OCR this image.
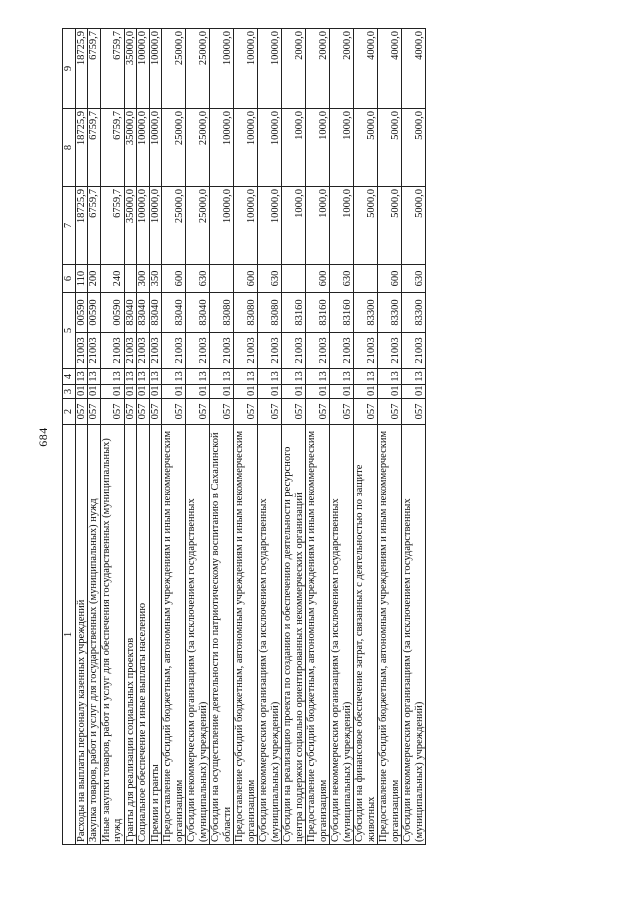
684
1	2	3	4	5		6	7	8	9
Расходы на выплаты персоналу казенных учреждений	057	01	13	21003	00590	110	18725,9	18725,9	18725,9
Закупка товаров, работ и услуг для государственных (муниципальных) нужд	057	01	13	21003	00590	200	6759,7	6759,7	6759,7
Иные закупки товаров, работ и услуг для обеспечения государственных (муниципальных) нужд	057	01	13	21003	00590	240	6759,7	6759,7	6759,7
Гранты для реализации социальных проектов	057	01	13	21003	83040		35000,0	35000,0	35000,0
Социальное обеспечение и иные выплаты населению	057	01	13	21003	83040	300	10000,0	10000,0	10000,0
Премии и гранты	057	01	13	21003	83040	350	10000,0	10000,0	10000,0
Предоставление субсидий бюджетным, автономным учреждениям и иным некоммерческим организациям	057	01	13	21003	83040	600	25000,0	25000,0	25000,0
Субсидии некоммерческим организациям (за исключением государственных (муниципальных) учреждений)	057	01	13	21003	83040	630	25000,0	25000,0	25000,0
Субсидии на осуществление деятельности по патриотическому воспитанию в Сахалинской области	057	01	13	21003	83080		10000,0	10000,0	10000,0
Предоставление субсидий бюджетным, автономным учреждениям и иным некоммерческим организациям	057	01	13	21003	83080	600	10000,0	10000,0	10000,0
Субсидии некоммерческим организациям (за исключением государственных (муниципальных) учреждений)	057	01	13	21003	83080	630	10000,0	10000,0	10000,0
Субсидии на реализацию проекта по созданию и обеспечению деятельности ресурсного центра поддержки социально ориентированных некоммерческих организаций	057	01	13	21003	83160		1000,0	1000,0	2000,0
Предоставление субсидий бюджетным, автономным учреждениям и иным некоммерческим организациям	057	01	13	21003	83160	600	1000,0	1000,0	2000,0
Субсидии некоммерческим организациям (за исключением государственных (муниципальных) учреждений)	057	01	13	21003	83160	630	1000,0	1000,0	2000,0
Субсидии на финансовое обеспечение затрат, связанных с деятельностью по защите животных	057	01	13	21003	83300		5000,0	5000,0	4000,0
Предоставление субсидий бюджетным, автономным учреждениям и иным некоммерческим организациям	057	01	13	21003	83300	600	5000,0	5000,0	4000,0
Субсидии некоммерческим организациям (за исключением государственных (муниципальных) учреждений)	057	01	13	21003	83300	630	5000,0	5000,0	4000,0
